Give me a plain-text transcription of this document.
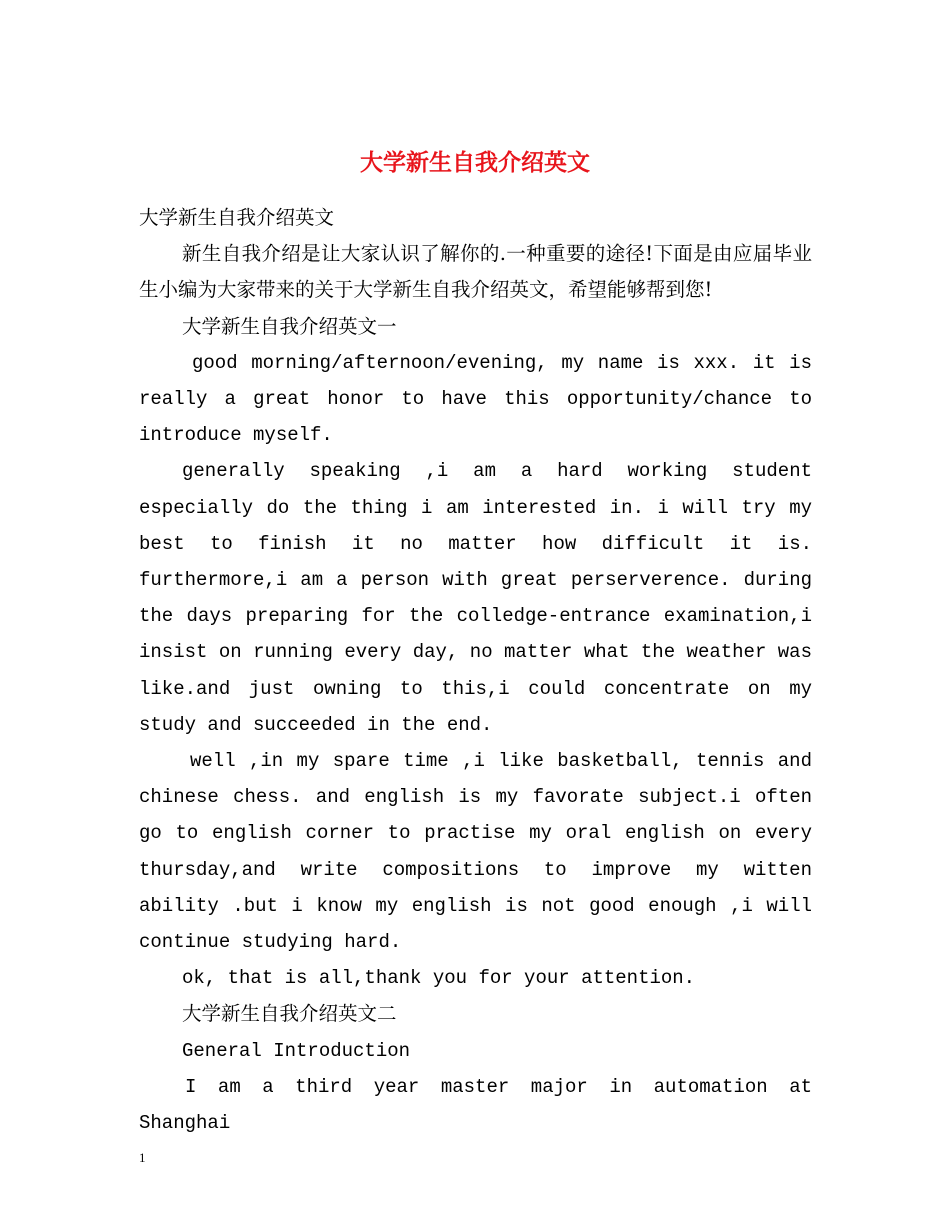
大学新生自我介绍英文

大学新生自我介绍英文

新生自我介绍是让大家认识了解你的.一种重要的途径!下面是由应届毕业生小编为大家带来的关于大学新生自我介绍英文，希望能够帮到您!

大学新生自我介绍英文一

good morning/afternoon/evening, my name is xxx. it is really a great honor to have this opportunity/chance to introduce myself.

generally speaking ,i am a hard working student especially do the thing i am interested in. i will try my best to finish it no matter how difficult it is. furthermore,i am a person with great perserverence. during the days preparing for the colledge-entrance examination,i insist on running every day, no matter what the weather was like.and just owning to this,i could concentrate on my study and succeeded in the end.

well ,in my spare time ,i like basketball, tennis and chinese chess. and english is my favorate subject.i often go to english corner to practise my oral english on every thursday,and write compositions to improve my witten ability .but i know my english is not good enough ,i will continue studying hard.

ok, that is all,thank you for your attention.

大学新生自我介绍英文二

General Introduction

I am a third year master major in automation at Shanghai

1
